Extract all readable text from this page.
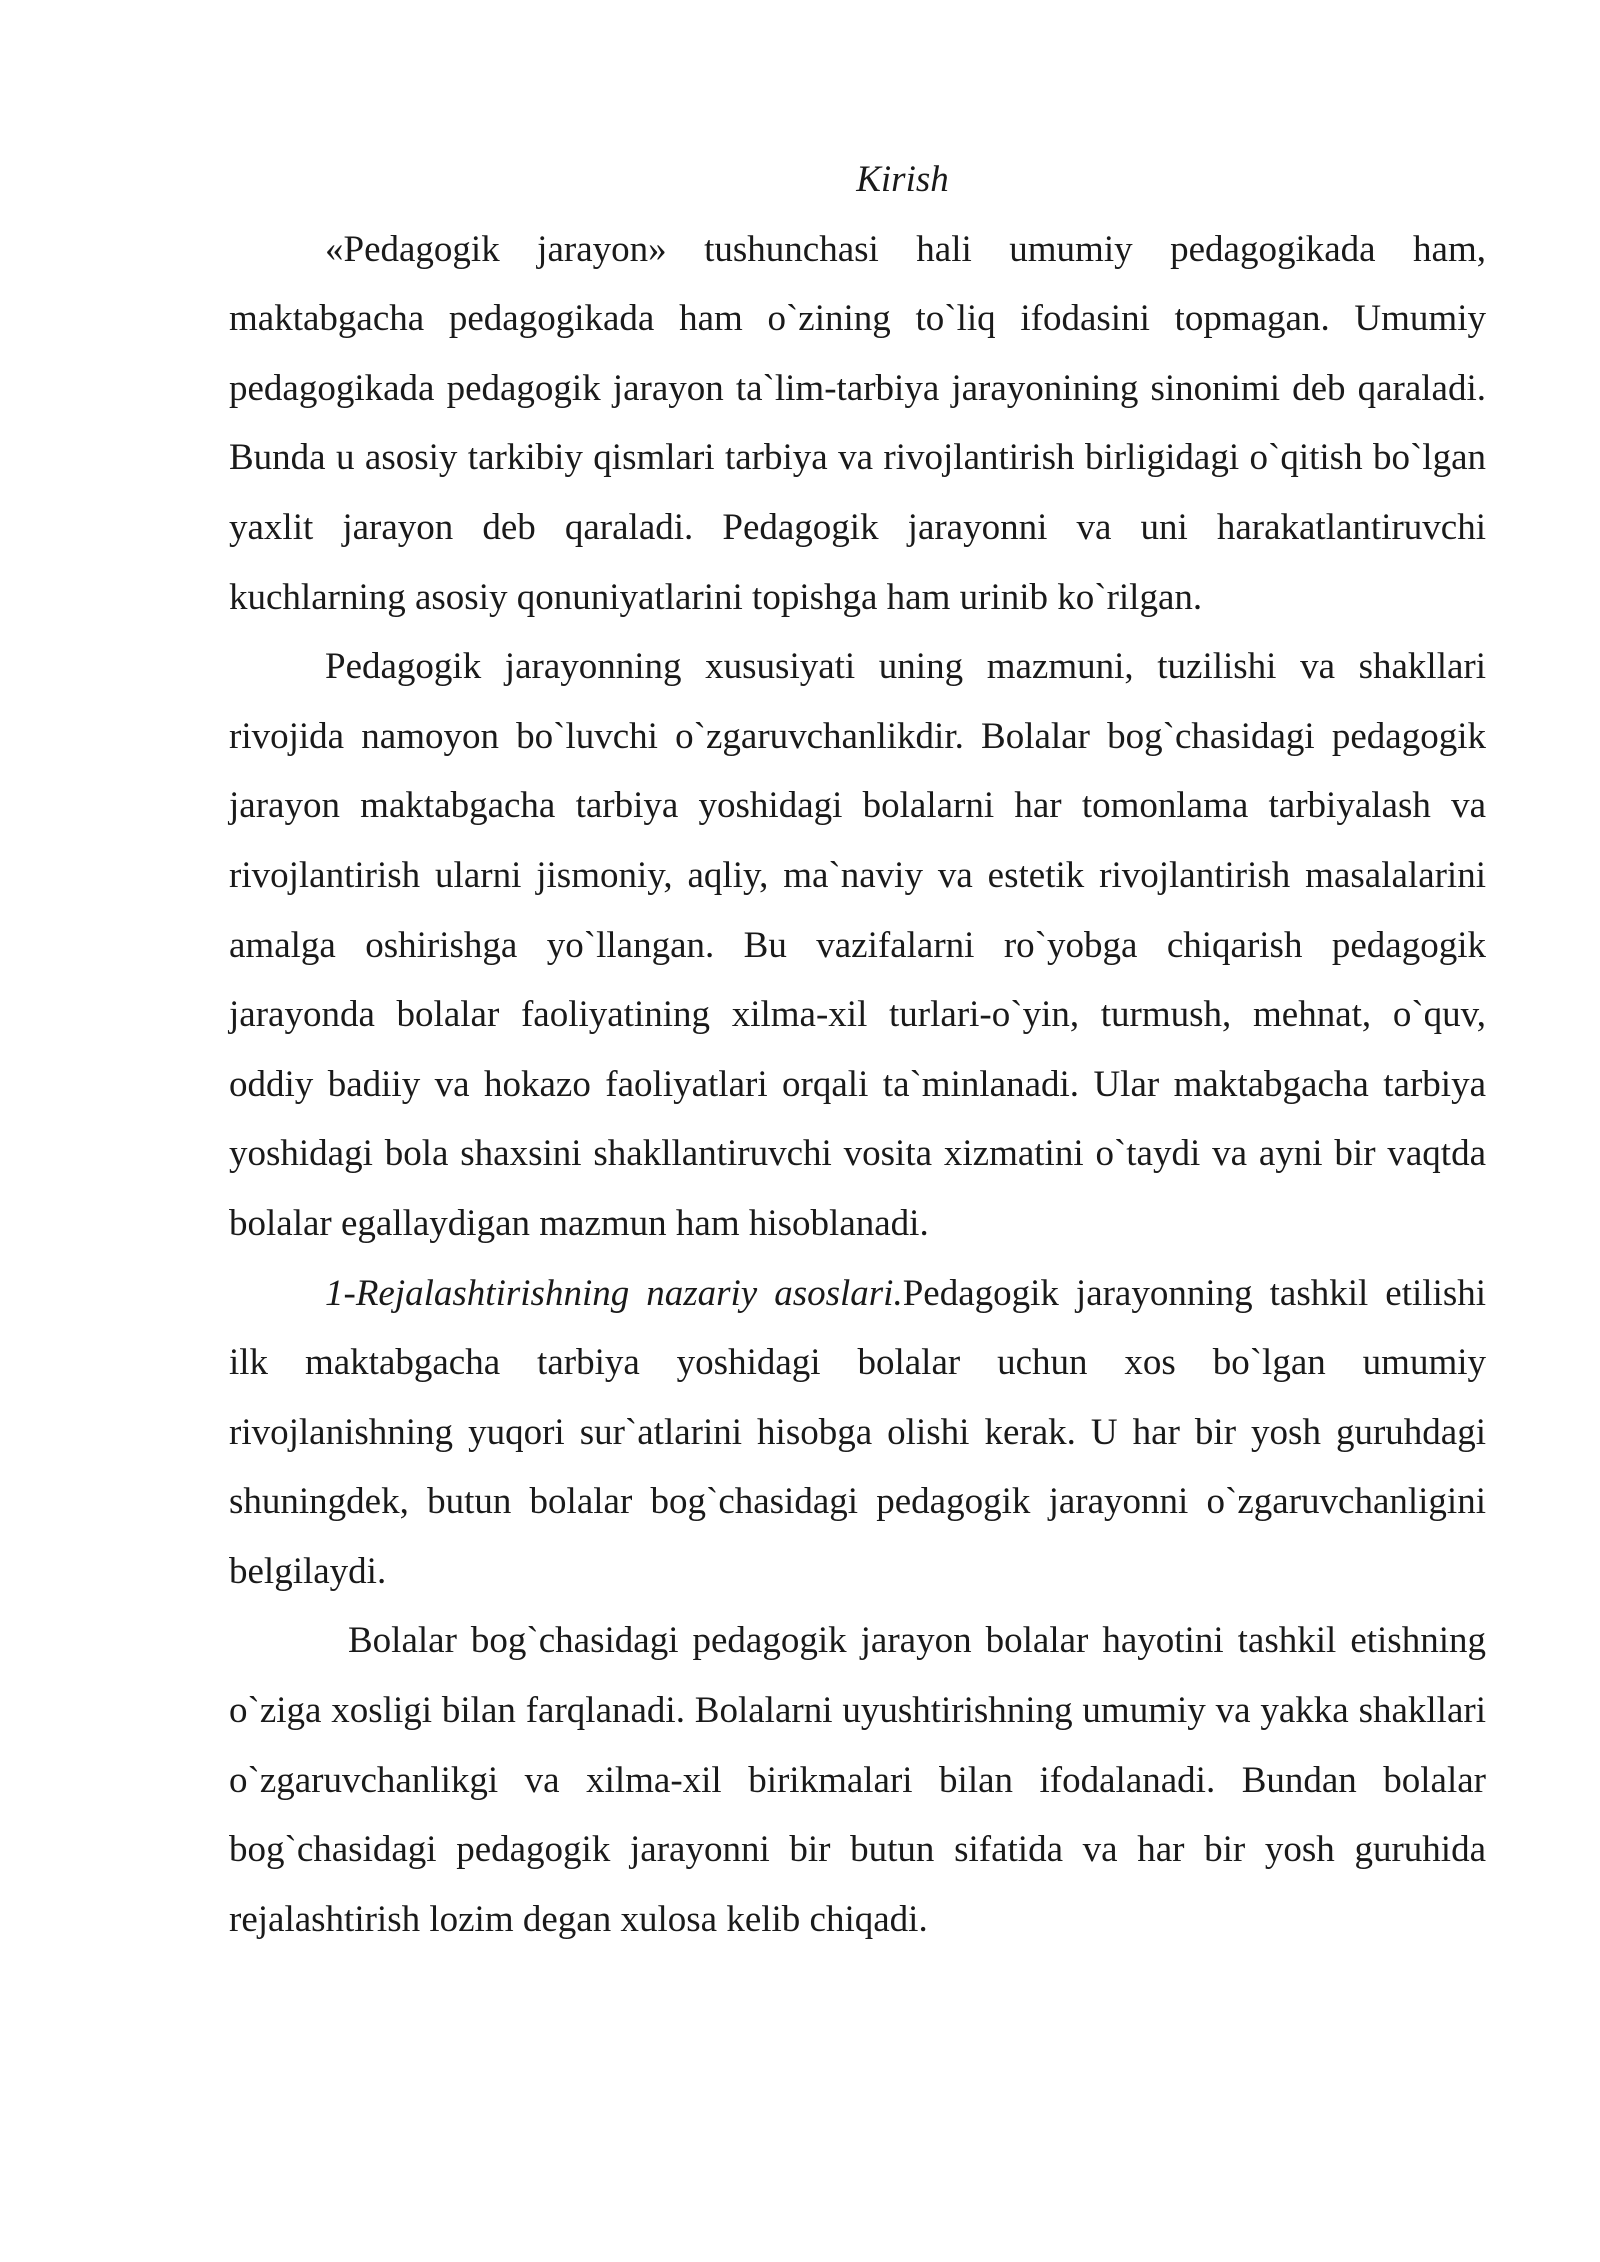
Kirish

«Pedagogik jarayon» tushunchasi hali umumiy pedagogikada ham, maktabgacha pedagogikada ham o`zining to`liq ifodasini topmagan. Umumiy pedagogikada pedagogik jarayon ta`lim-tarbiya jarayonining sinonimi deb qaraladi. Bunda u asosiy tarkibiy qismlari tarbiya va rivojlantirish birligidagi o`qitish bo`lgan yaxlit jarayon deb qaraladi. Pedagogik jarayonni va uni harakatlantiruvchi kuchlarning asosiy qonuniyatlarini topishga ham urinib ko`rilgan.

Pedagogik jarayonning xususiyati uning mazmuni, tuzilishi va shakllari rivojida namoyon bo`luvchi o`zgaruvchanlikdir. Bolalar bog`chasidagi pedagogik jarayon maktabgacha tarbiya yoshidagi bolalarni har tomonlama tarbiyalash va rivojlantirish ularni jismoniy, aqliy, ma`naviy va estetik rivojlantirish masalalarini amalga oshirishga yo`llangan. Bu vazifalarni ro`yobga chiqarish pedagogik jarayonda bolalar faoliyatining xilma-xil turlari-o`yin, turmush, mehnat, o`quv, oddiy badiiy va hokazo faoliyatlari orqali ta`minlanadi. Ular maktabgacha tarbiya yoshidagi bola shaxsini shakllantiruvchi vosita xizmatini o`taydi va ayni bir vaqtda bolalar egallaydigan mazmun ham hisoblanadi.

1-Rejalashtirishning nazariy asoslari.Pedagogik jarayonning tashkil etilishi ilk maktabgacha tarbiya yoshidagi bolalar uchun xos bo`lgan umumiy rivojlanishning yuqori sur`atlarini hisobga olishi kerak. U har bir yosh guruhdagi shuningdek, butun bolalar bog`chasidagi pedagogik jarayonni o`zgaruvchanligini belgilaydi.

Bolalar bog`chasidagi pedagogik jarayon bolalar hayotini tashkil etishning o`ziga xosligi bilan farqlanadi. Bolalarni uyushtirishning umumiy va yakka shakllari o`zgaruvchanlikgi va xilma-xil birikmalari bilan ifodalanadi. Bundan bolalar bog`chasidagi pedagogik jarayonni bir butun sifatida va har bir yosh guruhida rejalashtirish lozim degan xulosa kelib chiqadi.
